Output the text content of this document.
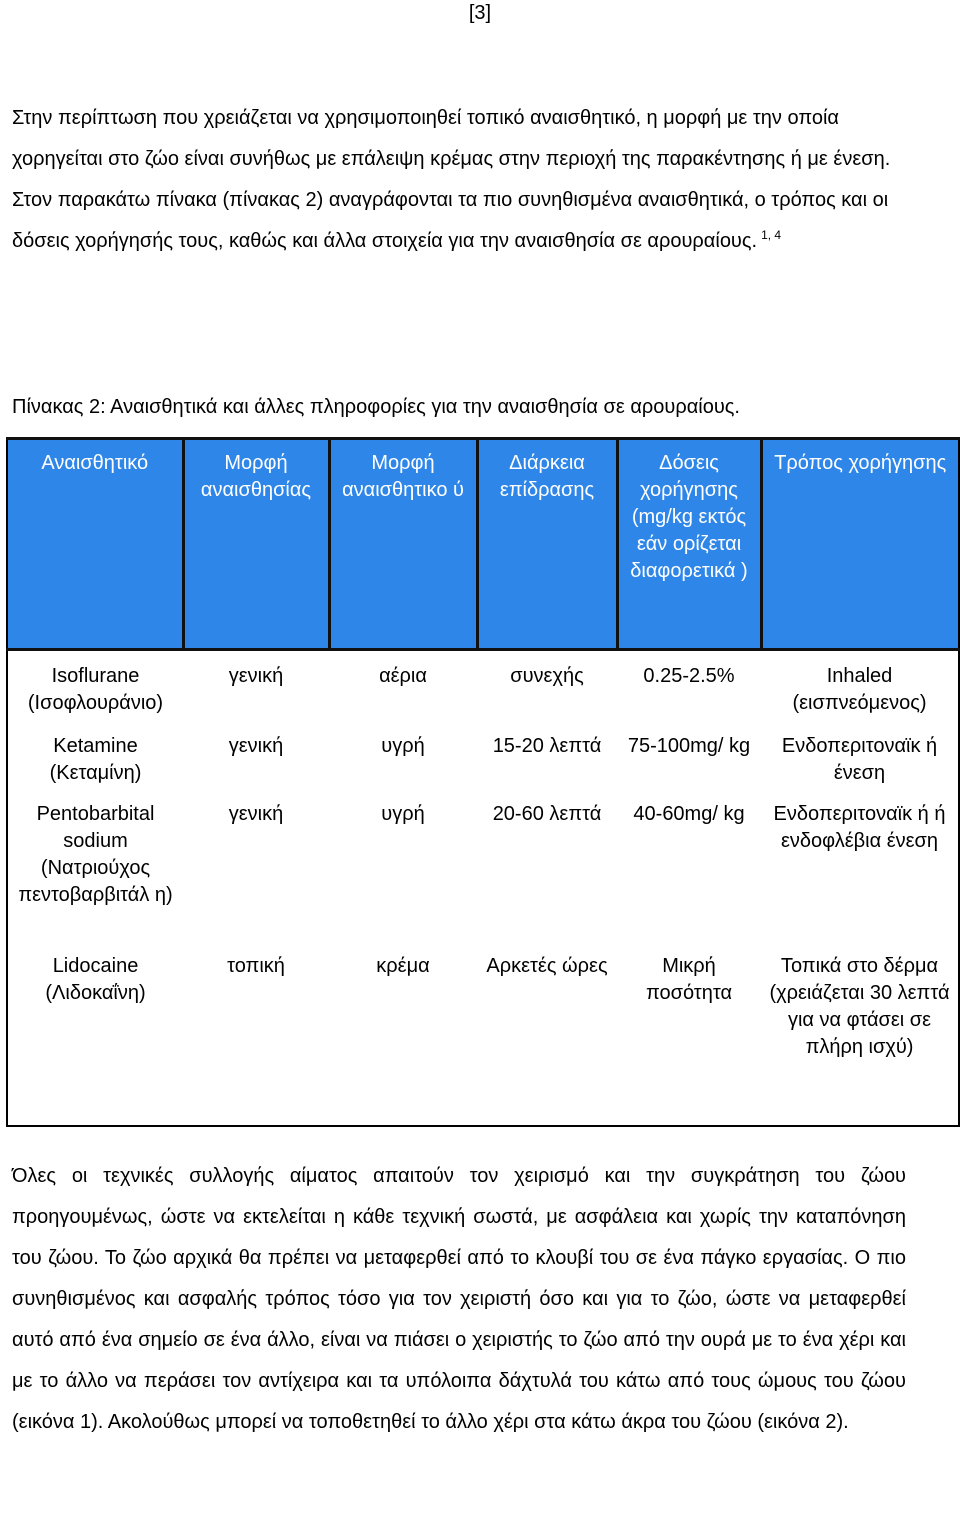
[3]

Στην περίπτωση που χρειάζεται να χρησιμοποιηθεί τοπικό αναισθητικό, η μορφή με την οποία χορηγείται στο ζώο είναι συνήθως με επάλειψη κρέμας στην περιοχή της παρακέντησης ή με ένεση.

Στον παρακάτω πίνακα (πίνακας 2) αναγράφονται τα πιο συνηθισμένα αναισθητικά, ο τρόπος και οι δόσεις χορήγησής τους, καθώς και άλλα στοιχεία για την αναισθησία σε αρουραίους. $^{1, 4}$

Πίνακας 2: Αναισθητικά και άλλες πληροφορίες για την αναισθησία σε αρουραίους.
Αναισθητικό	Μορφή αναισθησίας	Μορφή αναισθητικο ύ	Διάρκεια επίδρασης	Δόσεις χορήγησης (mg/kg εκτός εάν ορίζεται διαφορετικά )	Τρόπος χορήγησης
Isoflurane (Ισοφλουράνιο)	γενική	αέρια	συνεχής	0.25-2.5%	Inhaled (εισπνεόμενος)
Ketamine (Κεταμίνη)	γενική	υγρή	15-20 λεπτά	75-100mg/ kg	Ενδοπεριτοναϊκ ή ένεση
Pentobarbital sodium (Νατριούχος πεντοβαρβιτάλ η)	γενική	υγρή	20-60 λεπτά	40-60mg/ kg	Ενδοπεριτοναϊκ ή ή ενδοφλέβια ένεση
Lidocaine (Λιδοκαΐνη)	τοπική	κρέμα	Αρκετές ώρες	Μικρή ποσότητα	Τοπικά στο δέρμα (χρειάζεται 30 λεπτά για να φτάσει σε πλήρη ισχύ)

Όλες οι τεχνικές συλλογής αίματος απαιτούν τον χειρισμό και την συγκράτηση του ζώου προηγουμένως, ώστε να εκτελείται η κάθε τεχνική σωστά, με ασφάλεια και χωρίς την καταπόνηση του ζώου. Το ζώο αρχικά θα πρέπει να μεταφερθεί από το κλουβί του σε ένα πάγκο εργασίας. Ο πιο συνηθισμένος και ασφαλής τρόπος τόσο για τον χειριστή όσο και για το ζώο, ώστε να μεταφερθεί αυτό από ένα σημείο σε ένα άλλο, είναι να πιάσει ο χειριστής το ζώο από την ουρά με το ένα χέρι και με το άλλο να περάσει τον αντίχειρα και τα υπόλοιπα δάχτυλά του κάτω από τους ώμους του ζώου (εικόνα 1). Ακολούθως μπορεί να τοποθετηθεί το άλλο χέρι στα κάτω άκρα του ζώου (εικόνα 2).
